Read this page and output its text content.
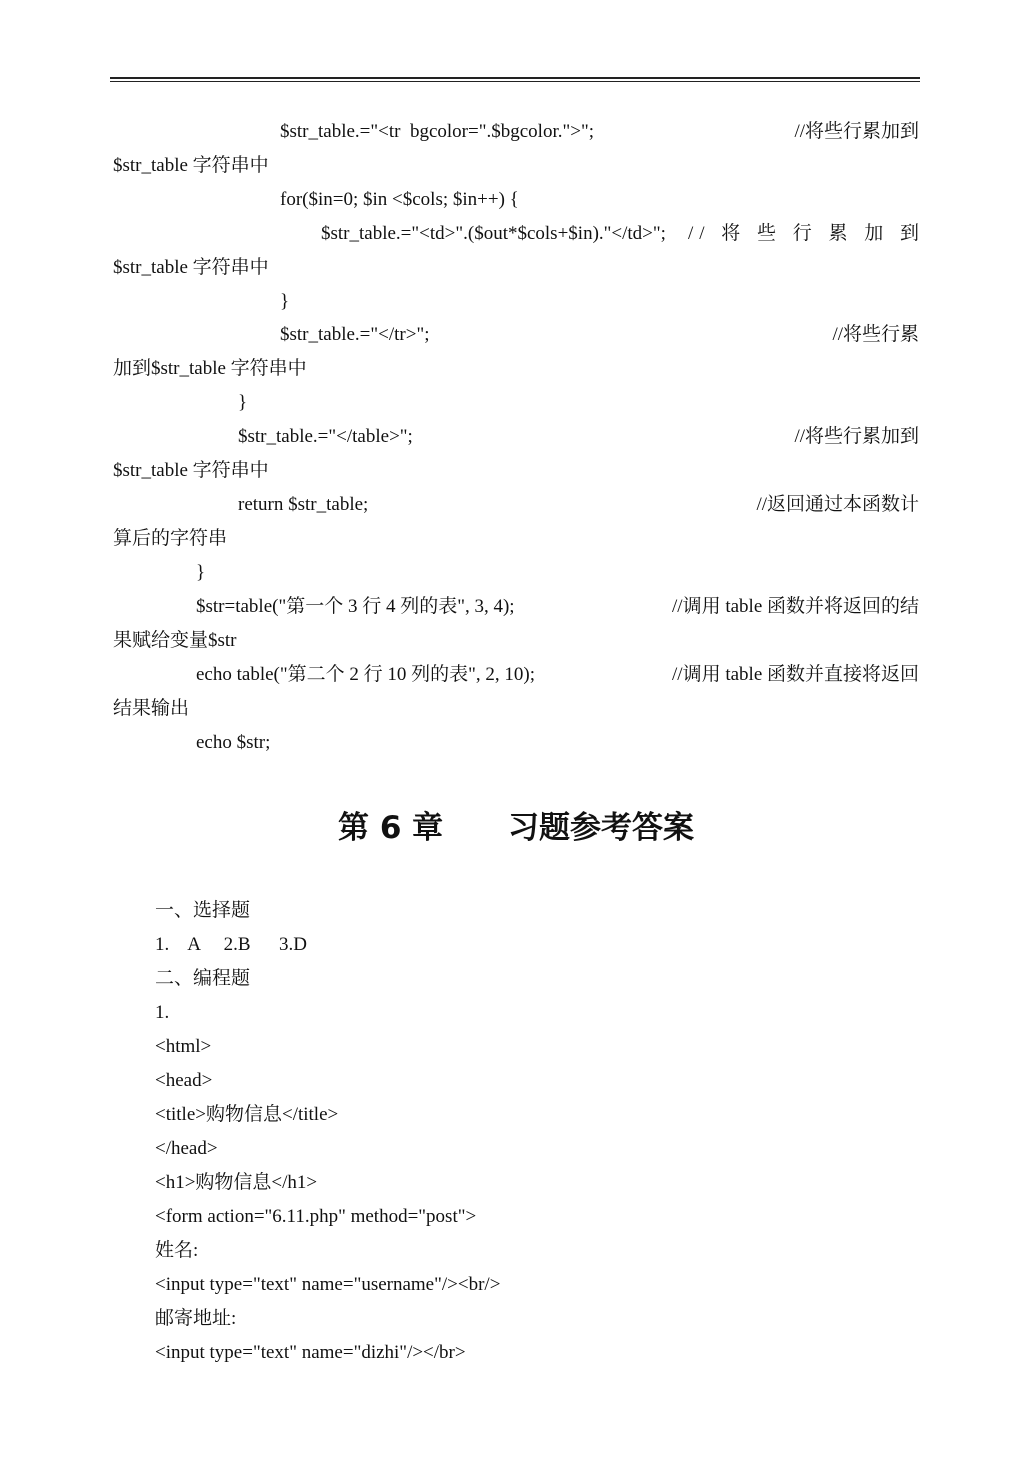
$str_table.="<tr  bgcolor=".$bgcolor.">";	//将些行累加到
$str_table 字符串中
for($in=0; $in <$cols; $in++) {
$str_table.="<td>".($out*$cols+$in)."</td>"; // 将 些 行 累 加 到
$str_table 字符串中
}
$str_table.="</tr>";	//将些行累
加到$str_table 字符串中
}
$str_table.="</table>";	//将些行累加到
$str_table 字符串中
return $str_table;	//返回通过本函数计
算后的字符串
}
$str=table("第一个 3 行 4 列的表", 3, 4);	//调用 table 函数并将返回的结
果赋给变量$str
echo table("第二个 2 行 10 列的表", 2, 10);	//调用 table 函数并直接将返回
结果输出
echo $str;
第 6 章      习题参考答案
一、选择题
1.    A     2.B      3.D
二、编程题
1.
<html>
<head>
<title>购物信息</title>
</head>
<h1>购物信息</h1>
<form action="6.11.php" method="post">
姓名:
<input type="text" name="username"/><br/>
邮寄地址:
<input type="text" name="dizhi"/></br>
